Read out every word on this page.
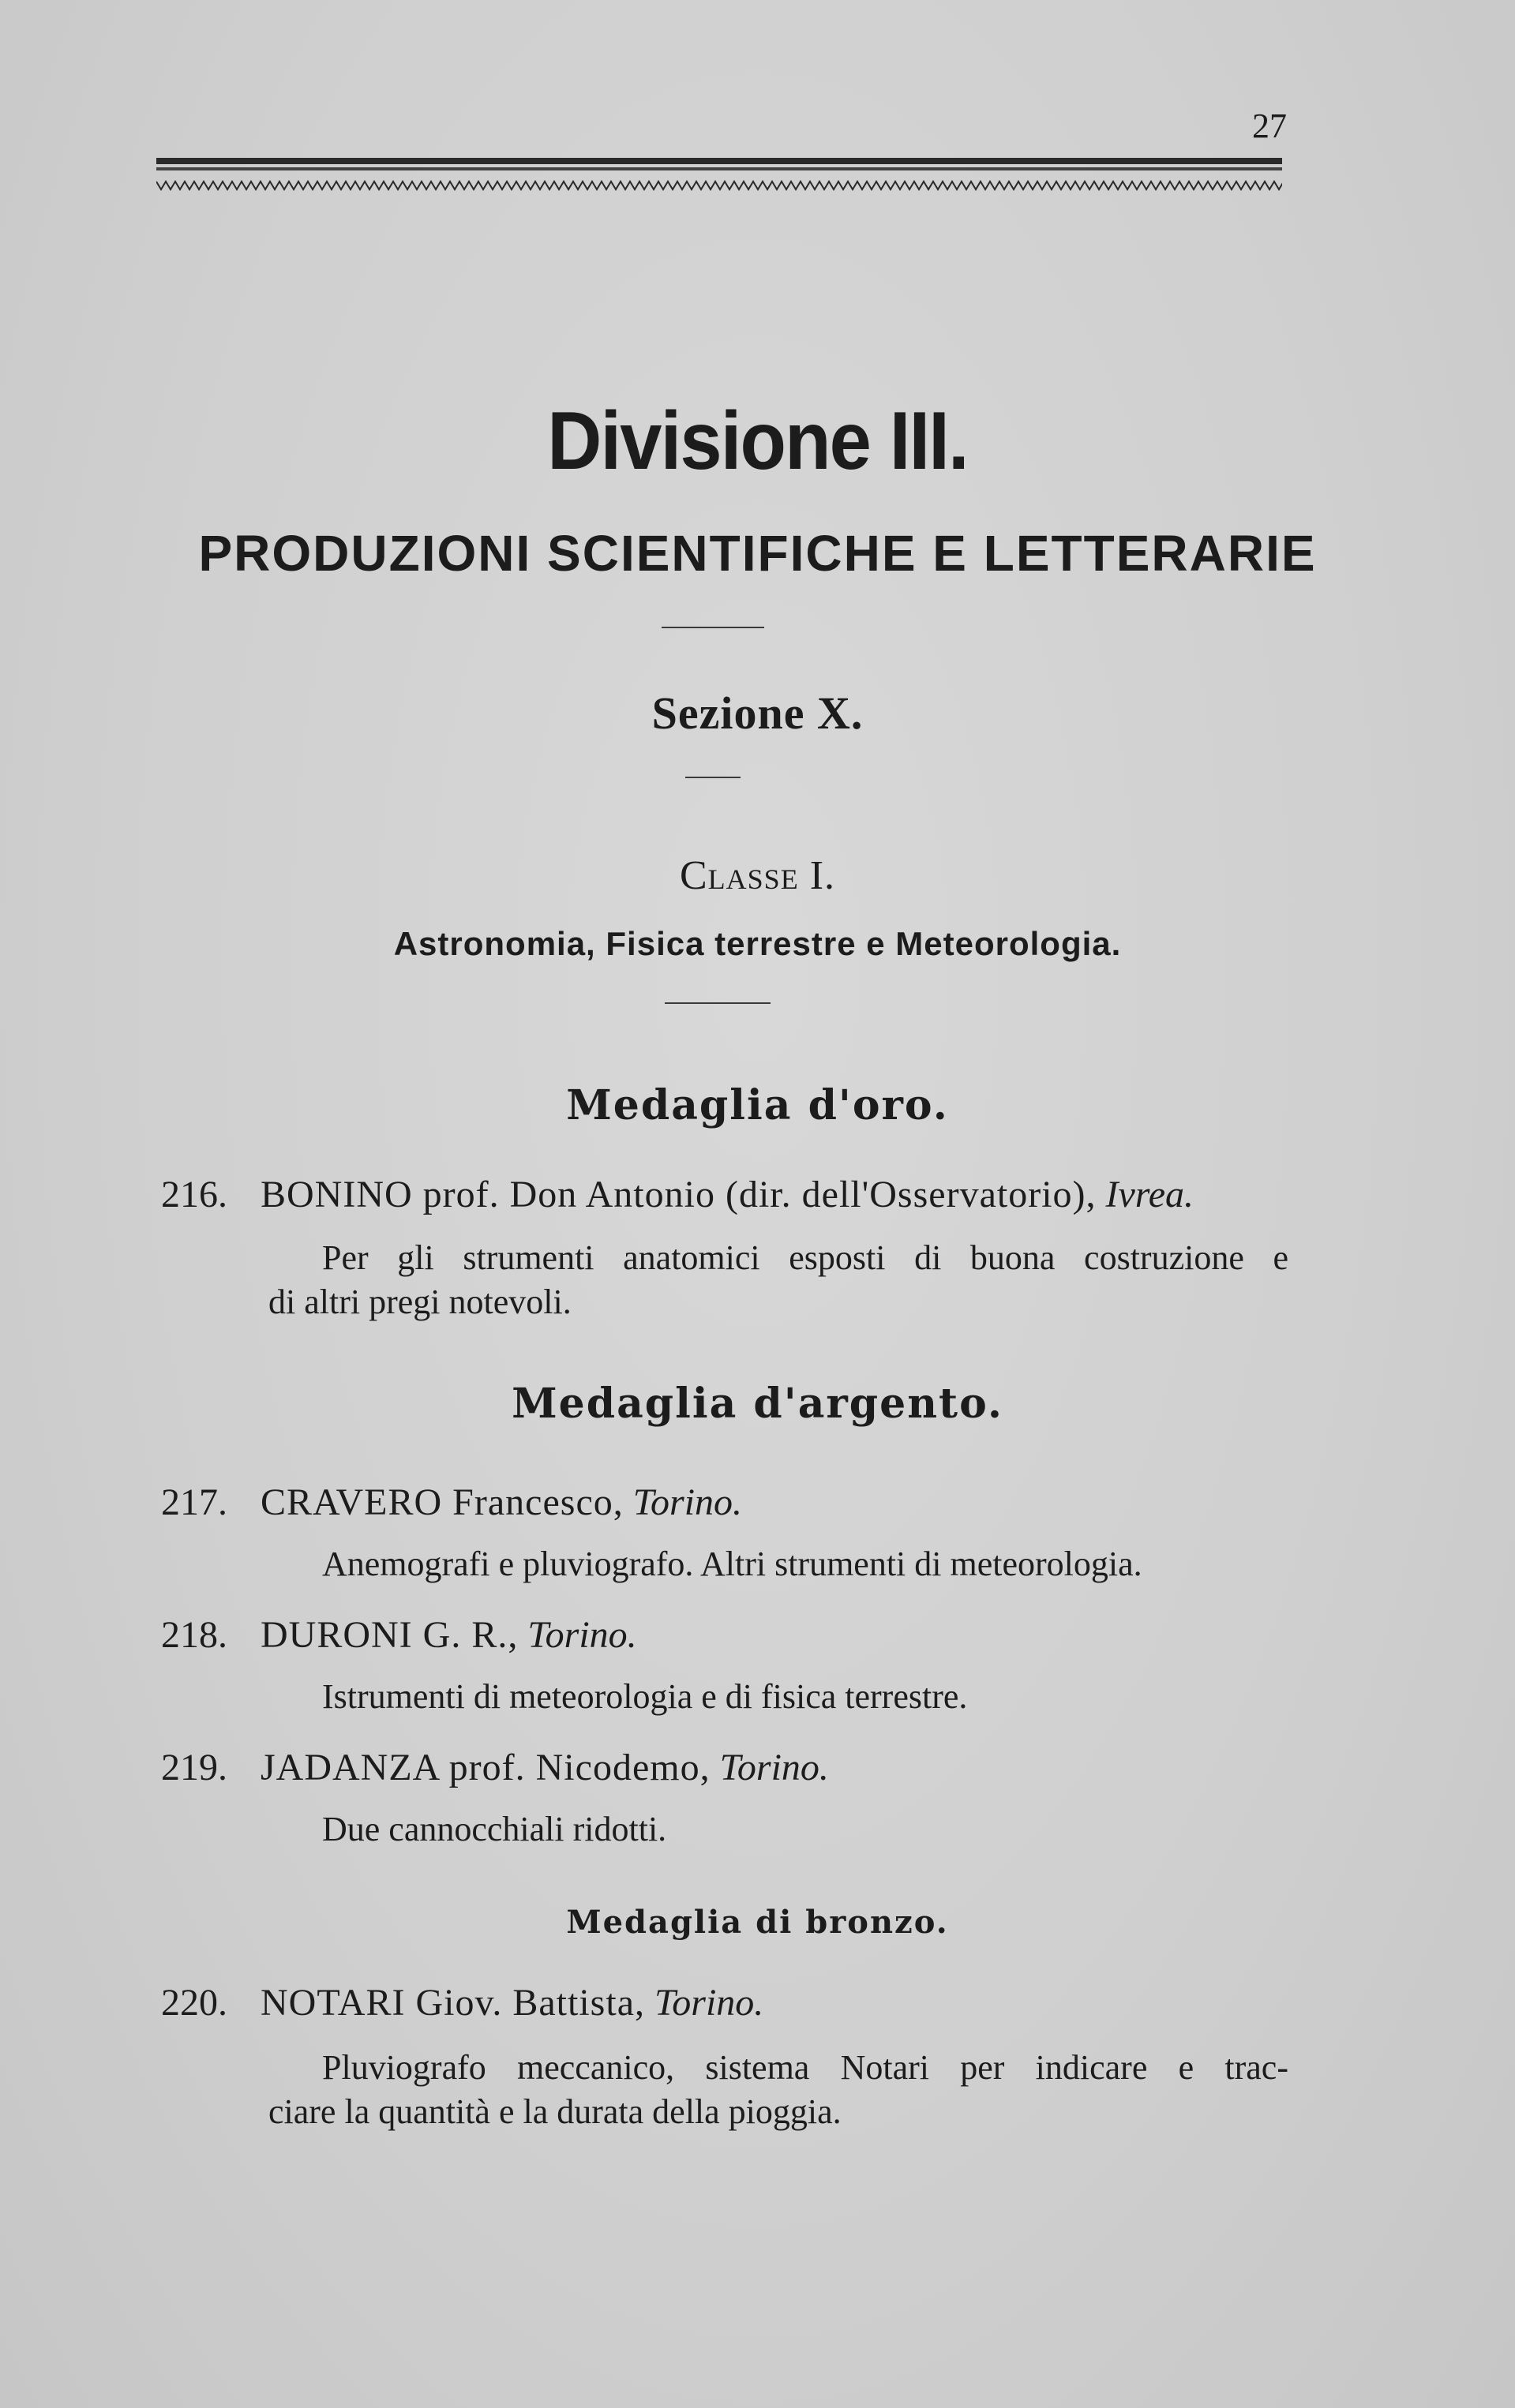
27
Divisione III.
PRODUZIONI SCIENTIFICHE E LETTERARIE
Sezione X.
Classe I.
Astronomia, Fisica terrestre e Meteorologia.
Medaglia d'oro.
216. BONINO prof. Don Antonio (dir. dell'Osservatorio), Ivrea.
Per gli strumenti anatomici esposti di buona costruzione e
di altri pregi notevoli.
Medaglia d'argento.
217. CRAVERO Francesco, Torino.
Anemografi e pluviografo. Altri strumenti di meteorologia.
218. DURONI G. R., Torino.
Istrumenti di meteorologia e di fisica terrestre.
219. JADANZA prof. Nicodemo, Torino.
Due cannocchiali ridotti.
Medaglia di bronzo.
220. NOTARI Giov. Battista, Torino.
Pluviografo meccanico, sistema Notari per indicare e trac-
ciare la quantità e la durata della pioggia.
